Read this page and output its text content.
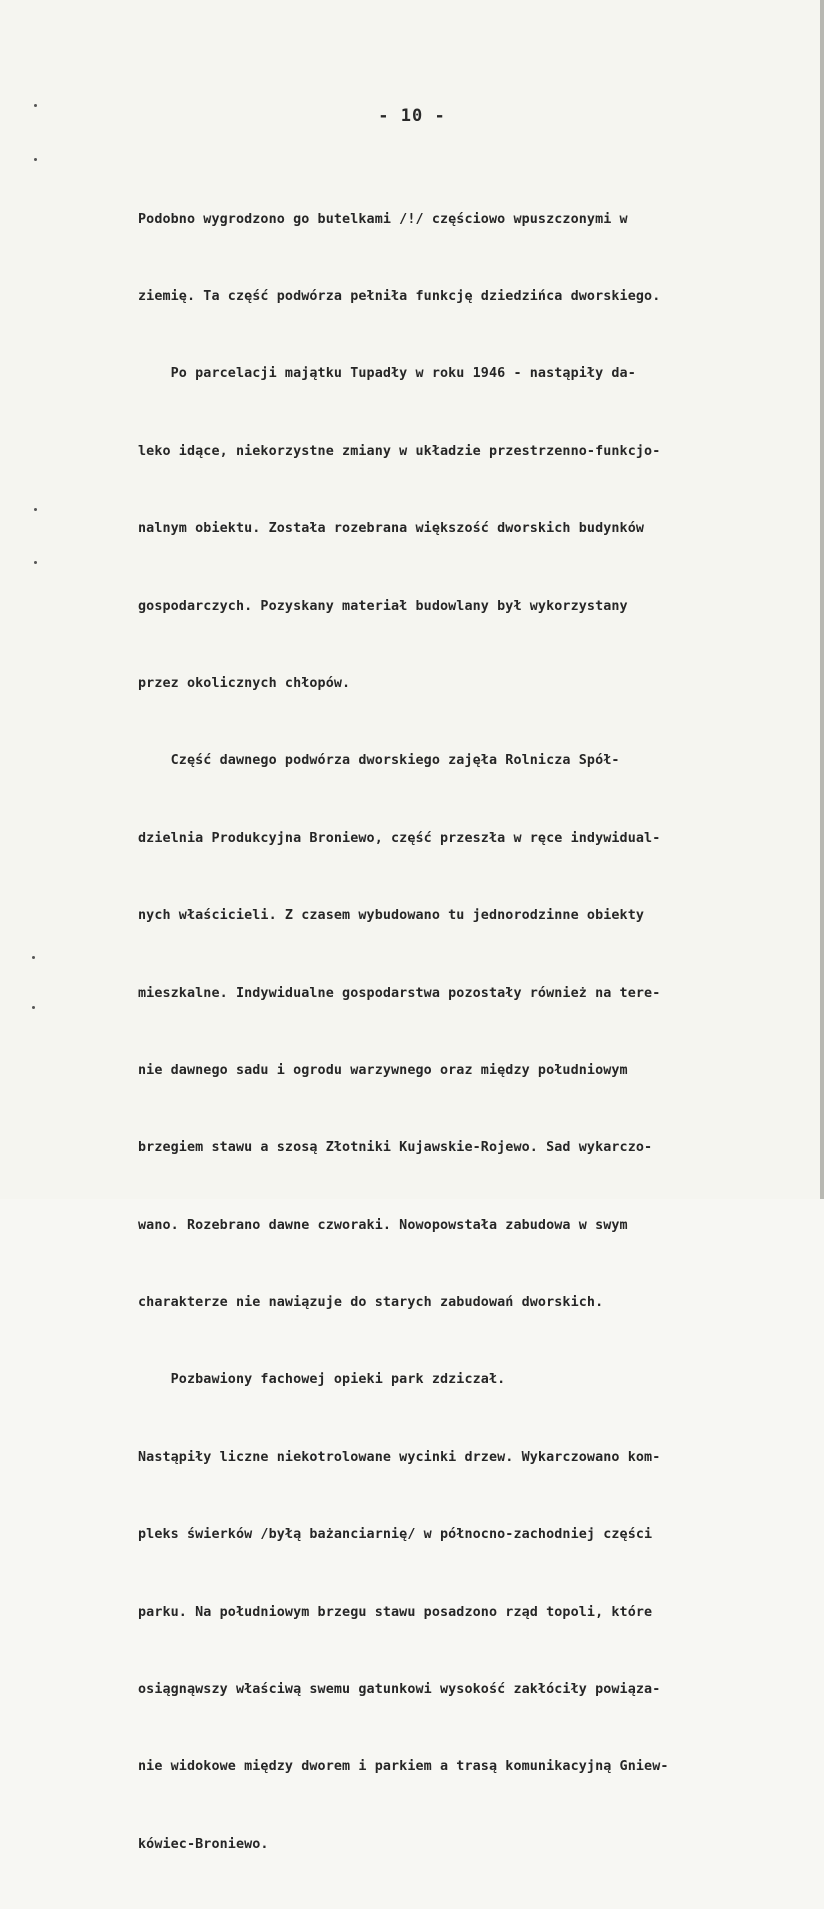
- 10 -

Podobno wygrodzono go butelkami /!/ częściowo wpuszczonymi w

ziemię. Ta część podwórza pełniła funkcję dziedzińca dworskiego.

Po parcelacji majątku Tupadły w roku 1946 - nastąpiły da-

leko idące, niekorzystne zmiany w układzie przestrzenno-funkcjo-

nalnym obiektu. Została rozebrana większość dworskich budynków

gospodarczych. Pozyskany materiał budowlany był wykorzystany

przez okolicznych chłopów.

Część dawnego podwórza dworskiego zajęła Rolnicza Spół-

dzielnia Produkcyjna Broniewo, część przeszła w ręce indywidual-

nych właścicieli. Z czasem wybudowano tu jednorodzinne obiekty

mieszkalne. Indywidualne gospodarstwa pozostały również na tere-

nie dawnego sadu i ogrodu warzywnego oraz między południowym

brzegiem stawu a szosą Złotniki Kujawskie-Rojewo. Sad wykarczo-

wano. Rozebrano dawne czworaki. Nowopowstała zabudowa w swym

charakterze nie nawiązuje do starych zabudowań dworskich.

Pozbawiony fachowej opieki park zdziczał.

Nastąpiły liczne niekotrolowane wycinki drzew. Wykarczowano kom-

pleks świerków /byłą bażanciarnię/ w północno-zachodniej części

parku. Na południowym brzegu stawu posadzono rząd topoli, które

osiągnąwszy właściwą swemu gatunkowi wysokość zakłóciły powiąza-

nie widokowe między dworem i parkiem a trasą komunikacyjną Gniew-

kówiec-Broniewo.
